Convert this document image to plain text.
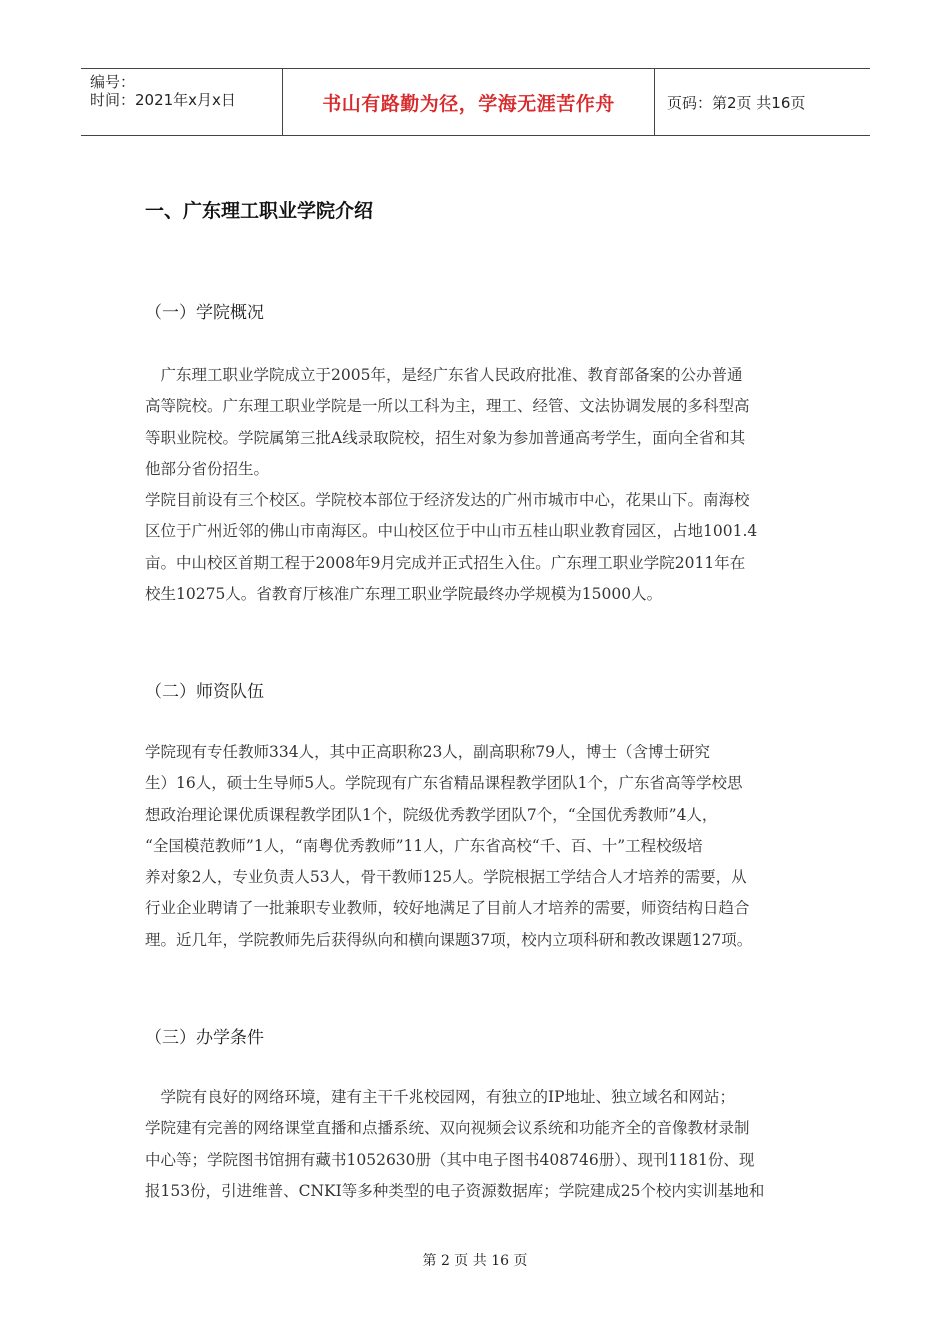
编号：
时间：2021年x月x日	书山有路勤为径，学海无涯苦作舟	页码：第2页 共16页
一、广东理工职业学院介绍
（一）学院概况
　广东理工职业学院成立于2005年，是经广东省人民政府批准、教育部备案的公办普通
高等院校。广东理工职业学院是一所以工科为主，理工、经管、文法协调发展的多科型高
等职业院校。学院属第三批A线录取院校，招生对象为参加普通高考学生，面向全省和其
他部分省份招生。
学院目前设有三个校区。学院校本部位于经济发达的广州市城市中心，花果山下。南海校
区位于广州近邻的佛山市南海区。中山校区位于中山市五桂山职业教育园区，占地1001.4
亩。中山校区首期工程于2008年9月完成并正式招生入住。广东理工职业学院2011年在
校生10275人。省教育厅核准广东理工职业学院最终办学规模为15000人。
（二）师资队伍
学院现有专任教师334人，其中正高职称23人，副高职称79人，博士（含博士研究
生）16人，硕士生导师5人。学院现有广东省精品课程教学团队1个，广东省高等学校思
想政治理论课优质课程教学团队1个，院级优秀教学团队7个，“全国优秀教师”4人，
“全国模范教师”1人，“南粤优秀教师”11人，广东省高校“千、百、十”工程校级培
养对象2人，专业负责人53人，骨干教师125人。学院根据工学结合人才培养的需要，从
行业企业聘请了一批兼职专业教师，较好地满足了目前人才培养的需要，师资结构日趋合
理。近几年，学院教师先后获得纵向和横向课题37项，校内立项科研和教改课题127项。
（三）办学条件
　学院有良好的网络环境，建有主干千兆校园网，有独立的IP地址、独立域名和网站；
学院建有完善的网络课堂直播和点播系统、双向视频会议系统和功能齐全的音像教材录制
中心等；学院图书馆拥有藏书1052630册（其中电子图书408746册）、现刊1181份、现
报153份，引进维普、CNKI等多种类型的电子资源数据库；学院建成25个校内实训基地和
第 2 页 共 16 页
